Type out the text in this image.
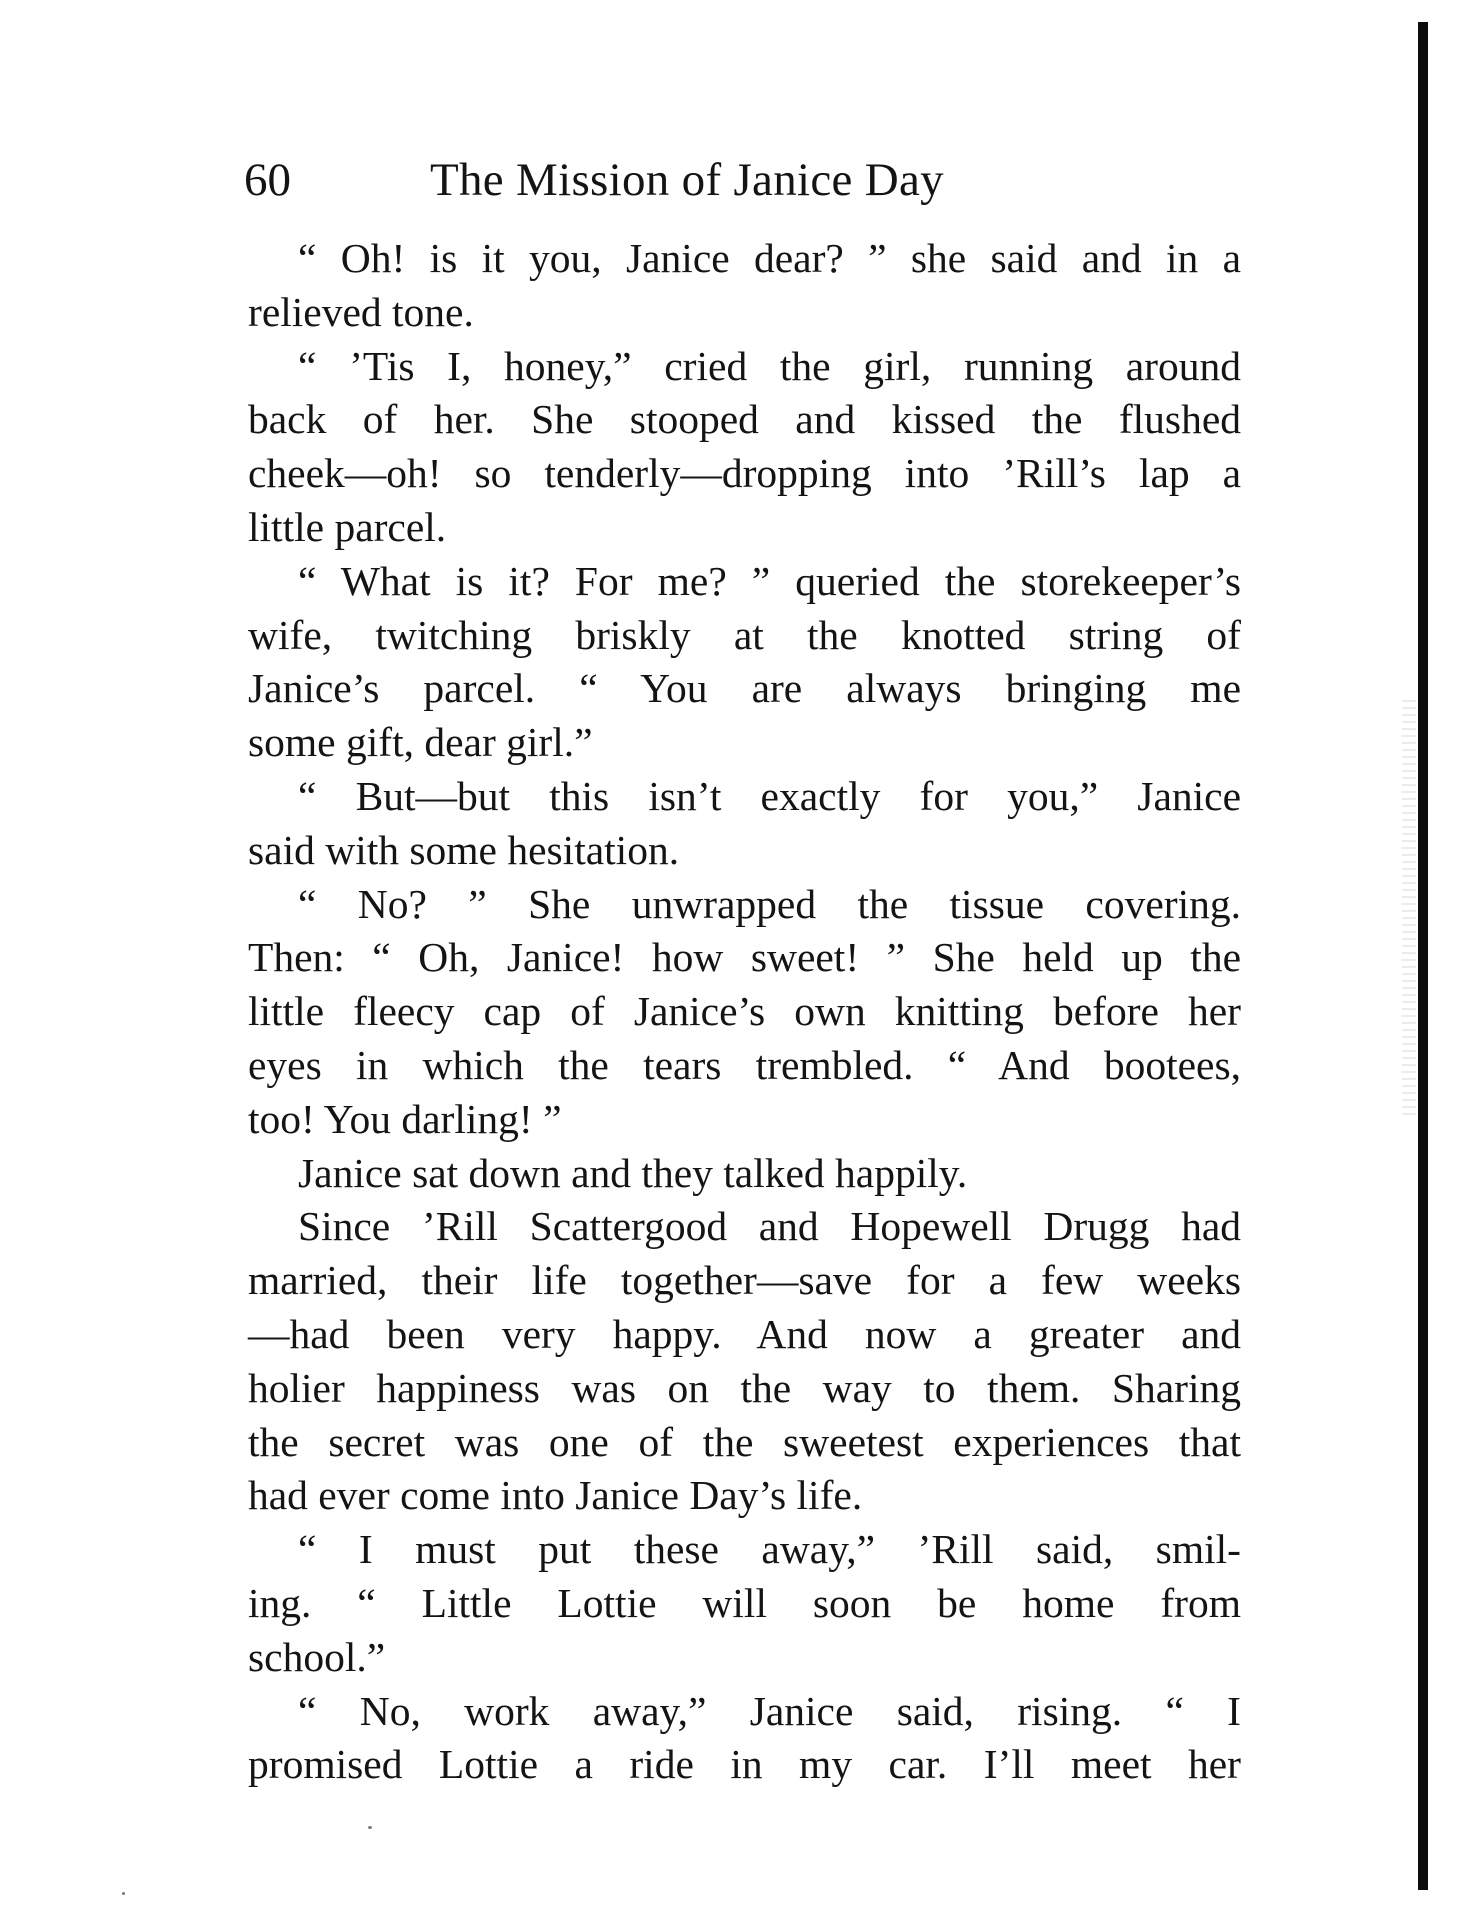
60	The Mission of Janice Day
“ Oh! is it you, Janice dear? ” she said and in a
relieved tone.
“ ’Tis I, honey,” cried the girl, running around
back of her. She stooped and kissed the flushed
cheek—oh! so tenderly—dropping into ’Rill’s lap a
little parcel.
“ What is it? For me? ” queried the storekeeper’s
wife, twitching briskly at the knotted string of
Janice’s parcel. “ You are always bringing me
some gift, dear girl.”
“ But—but this isn’t exactly for you,” Janice
said with some hesitation.
“ No? ” She unwrapped the tissue covering.
Then: “ Oh, Janice! how sweet! ” She held up the
little fleecy cap of Janice’s own knitting before her
eyes in which the tears trembled. “ And bootees,
too! You darling! ”
Janice sat down and they talked happily.
Since ’Rill Scattergood and Hopewell Drugg had
married, their life together—save for a few weeks
—had been very happy. And now a greater and
holier happiness was on the way to them. Sharing
the secret was one of the sweetest experiences that
had ever come into Janice Day’s life.
“ I must put these away,” ’Rill said, smil-
ing. “ Little Lottie will soon be home from
school.”
“ No, work away,” Janice said, rising. “ I
promised Lottie a ride in my car. I’ll meet her
